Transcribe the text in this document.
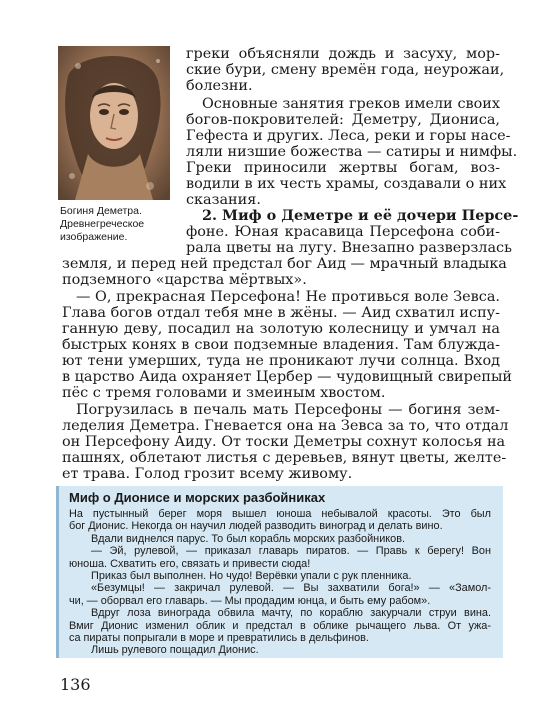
Богиня Деметра.
Древнегреческое
изображение.

греки объясняли дождь и засуху, мор-

ские бури, смену времён года, неурожаи,

болезни.

Основные занятия греков имели своих

богов-покровителей: Деметру, Диониса,

Гефеста и других. Леса, реки и горы насе-

ляли низшие божества — сатиры и нимфы.

Греки приносили жертвы богам, воз-

водили в их честь храмы, создавали о них

сказания.

2. Миф о Деметре и её дочери Персе-

фоне. Юная красавица Персефона соби-

рала цветы на лугу. Внезапно разверзлась

земля, и перед ней предстал бог Аид — мрачный владыка

подземного «царства мёртвых».

— О, прекрасная Персефона! Не противься воле Зевса.

Глава богов отдал тебя мне в жёны. — Аид схватил испу-

ганную деву, посадил на золотую колесницу и умчал на

быстрых конях в свои подземные владения. Там блужда-

ют тени умерших, туда не проникают лучи солнца. Вход

в царство Аида охраняет Цербер — чудовищный свирепый

пёс с тремя головами и змеиным хвостом.

Погрузилась в печаль мать Персефоны — богиня зем-

леделия Деметра. Гневается она на Зевса за то, что отдал

он Персефону Аиду. От тоски Деметры сохнут колосья на

пашнях, облетают листья с деревьев, вянут цветы, желте-

ет трава. Голод грозит всему живому.

Миф о Дионисе и морских разбойниках

На пустынный берег моря вышел юноша небывалой красоты. Это был

бог Дионис. Некогда он научил людей разводить виноград и делать вино.

Вдали виднелся парус. То был корабль морских разбойников.

— Эй, рулевой, — приказал главарь пиратов. — Правь к берегу! Вон

юноша. Схватить его, связать и привести сюда!

Приказ был выполнен. Но чудо! Верёвки упали с рук пленника.

«Безумцы! — закричал рулевой. — Вы захватили бога!» — «Замол-

чи, — оборвал его главарь. — Мы продадим юнца, и быть ему рабом».

Вдруг лоза винограда обвила мачту, по кораблю закурчали струи вина.

Вмиг Дионис изменил облик и предстал в облике рычащего льва. От ужа-

са пираты попрыгали в море и превратились в дельфинов.

Лишь рулевого пощадил Дионис.

136
